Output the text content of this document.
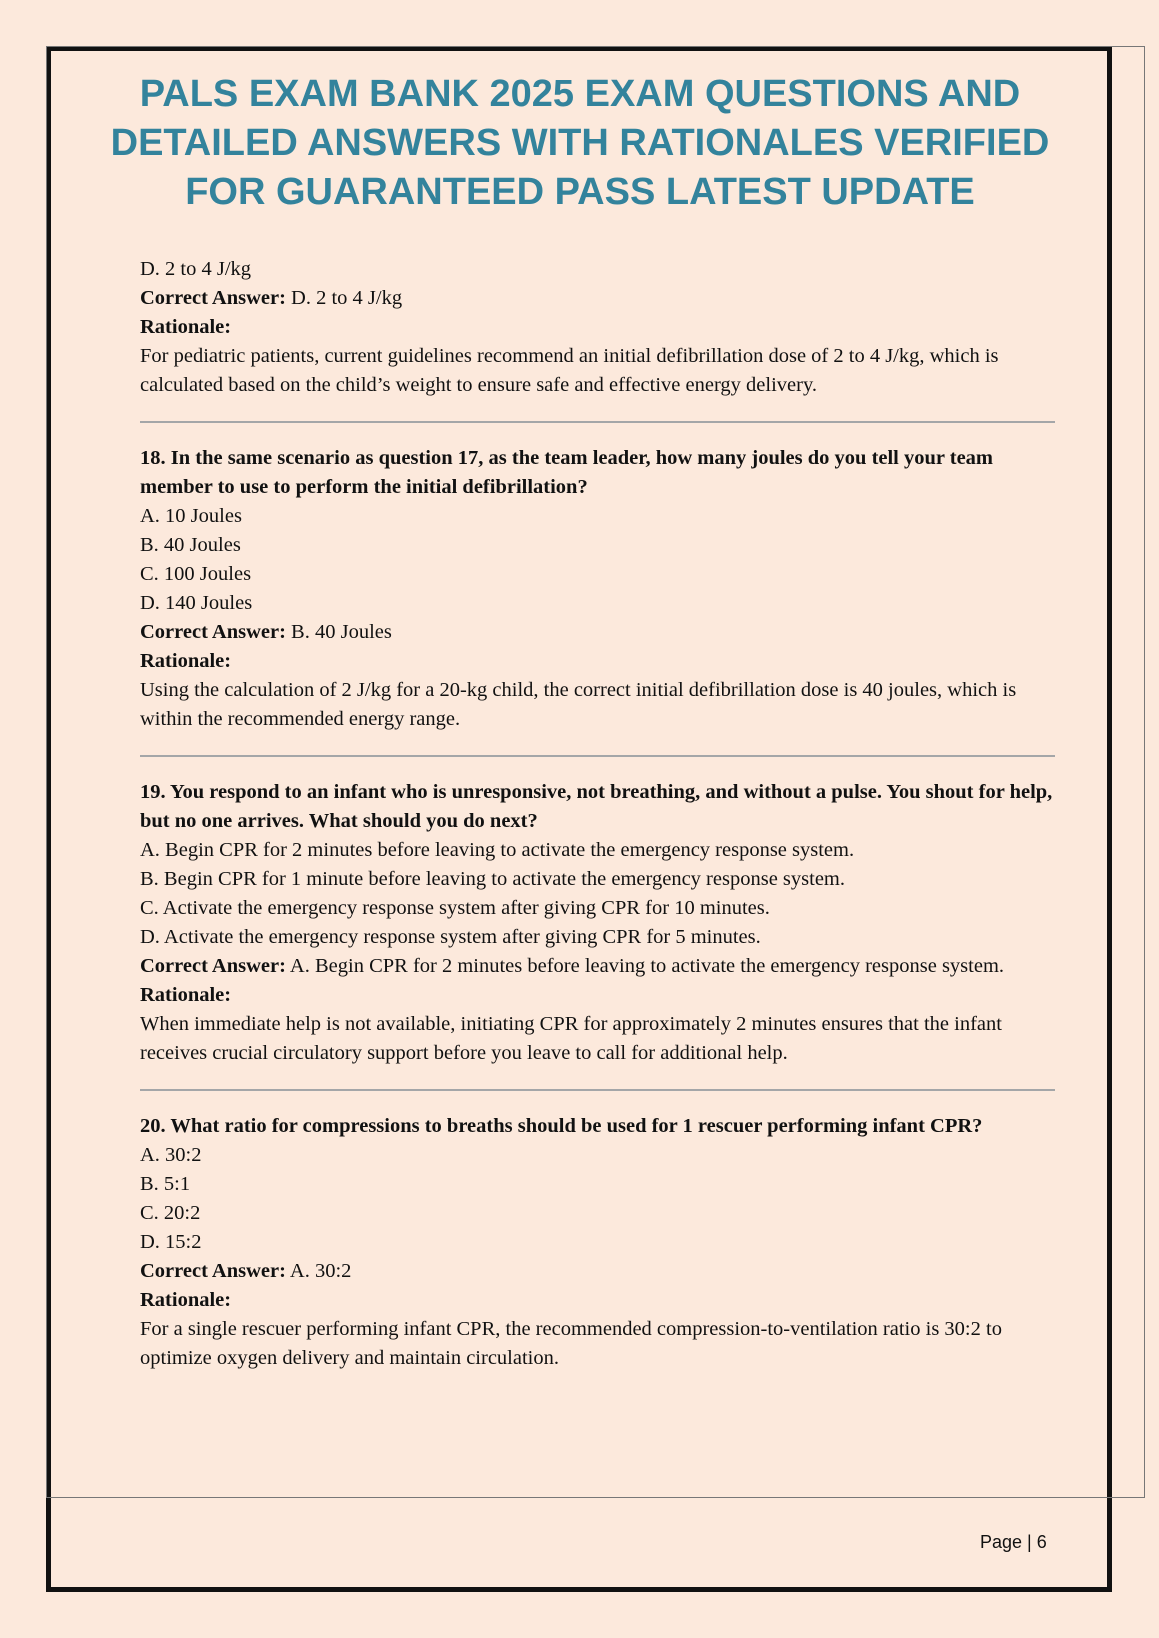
PALS EXAM BANK 2025 EXAM QUESTIONS AND DETAILED ANSWERS WITH RATIONALES VERIFIED FOR GUARANTEED PASS LATEST UPDATE

D. 2 to 4 J/kg

Correct Answer: D. 2 to 4 J/kg

Rationale:

For pediatric patients, current guidelines recommend an initial defibrillation dose of 2 to 4 J/kg, which is calculated based on the child’s weight to ensure safe and effective energy delivery.

18. In the same scenario as question 17, as the team leader, how many joules do you tell your team member to use to perform the initial defibrillation?

A. 10 Joules

B. 40 Joules

C. 100 Joules

D. 140 Joules

Correct Answer: B. 40 Joules

Rationale:

Using the calculation of 2 J/kg for a 20-kg child, the correct initial defibrillation dose is 40 joules, which is within the recommended energy range.

19. You respond to an infant who is unresponsive, not breathing, and without a pulse. You shout for help, but no one arrives. What should you do next?

A. Begin CPR for 2 minutes before leaving to activate the emergency response system.

B. Begin CPR for 1 minute before leaving to activate the emergency response system.

C. Activate the emergency response system after giving CPR for 10 minutes.

D. Activate the emergency response system after giving CPR for 5 minutes.

Correct Answer: A. Begin CPR for 2 minutes before leaving to activate the emergency response system.

Rationale:

When immediate help is not available, initiating CPR for approximately 2 minutes ensures that the infant receives crucial circulatory support before you leave to call for additional help.

20. What ratio for compressions to breaths should be used for 1 rescuer performing infant CPR?

A. 30:2

B. 5:1

C. 20:2

D. 15:2

Correct Answer: A. 30:2

Rationale:

For a single rescuer performing infant CPR, the recommended compression-to-ventilation ratio is 30:2 to optimize oxygen delivery and maintain circulation.

Page | 6
